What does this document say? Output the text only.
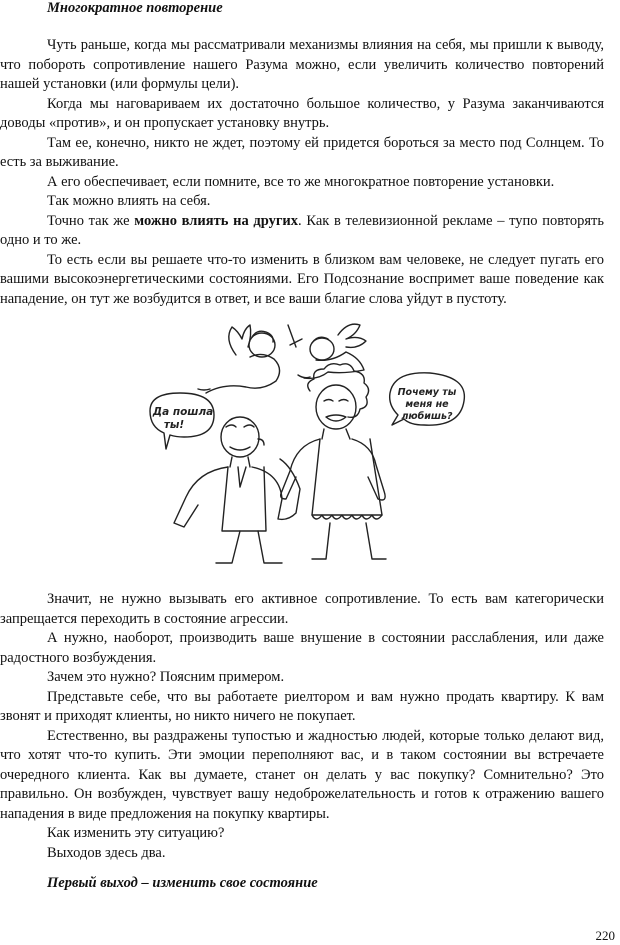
Многократное повторение

Чуть раньше, когда мы рассматривали механизмы влияния на себя, мы пришли к выводу, что побороть сопротивление нашего Разума можно, если увеличить количество повторений нашей установки (или формулы цели).

Когда мы наговариваем их достаточно большое количество, у Разума заканчиваются доводы «против», и он пропускает установку внутрь.

Там ее, конечно, никто не ждет, поэтому ей придется бороться за место под Солнцем. То есть за выживание.

А его обеспечивает, если помните, все то же многократное повторение установки.

Так можно влиять на себя.

Точно так же можно влиять на других. Как в телевизионной рекламе – тупо повторять одно и то же.

То есть если вы решаете что-то изменить в близком вам человеке, не следует пугать его вашими высокоэнергетическими состояниями. Его Подсознание воспримет ваше поведение как нападение, он тут же возбудится в ответ, и все ваши благие слова уйдут в пустоту.

Да пошла
ты!
Почему ты
меня не
любишь?

Значит, не нужно вызывать его активное сопротивление. То есть вам категорически запрещается переходить в состояние агрессии.

А нужно, наоборот, производить ваше внушение в состоянии расслабления, или даже радостного возбуждения.

Зачем это нужно? Поясним примером.

Представьте себе, что вы работаете риелтором и вам нужно продать квартиру. К вам звонят и приходят клиенты, но никто ничего не покупает.

Естественно, вы раздражены тупостью и жадностью людей, которые только делают вид, что хотят что-то купить. Эти эмоции переполняют вас, и в таком состоянии вы встречаете очередного клиента. Как вы думаете, станет он делать у вас покупку? Сомнительно? Это правильно. Он возбужден, чувствует вашу недоброжелательность и готов к отражению вашего нападения в виде предложения на покупку квартиры.

Как изменить эту ситуацию?

Выходов здесь два.

Первый выход – изменить свое состояние
220
